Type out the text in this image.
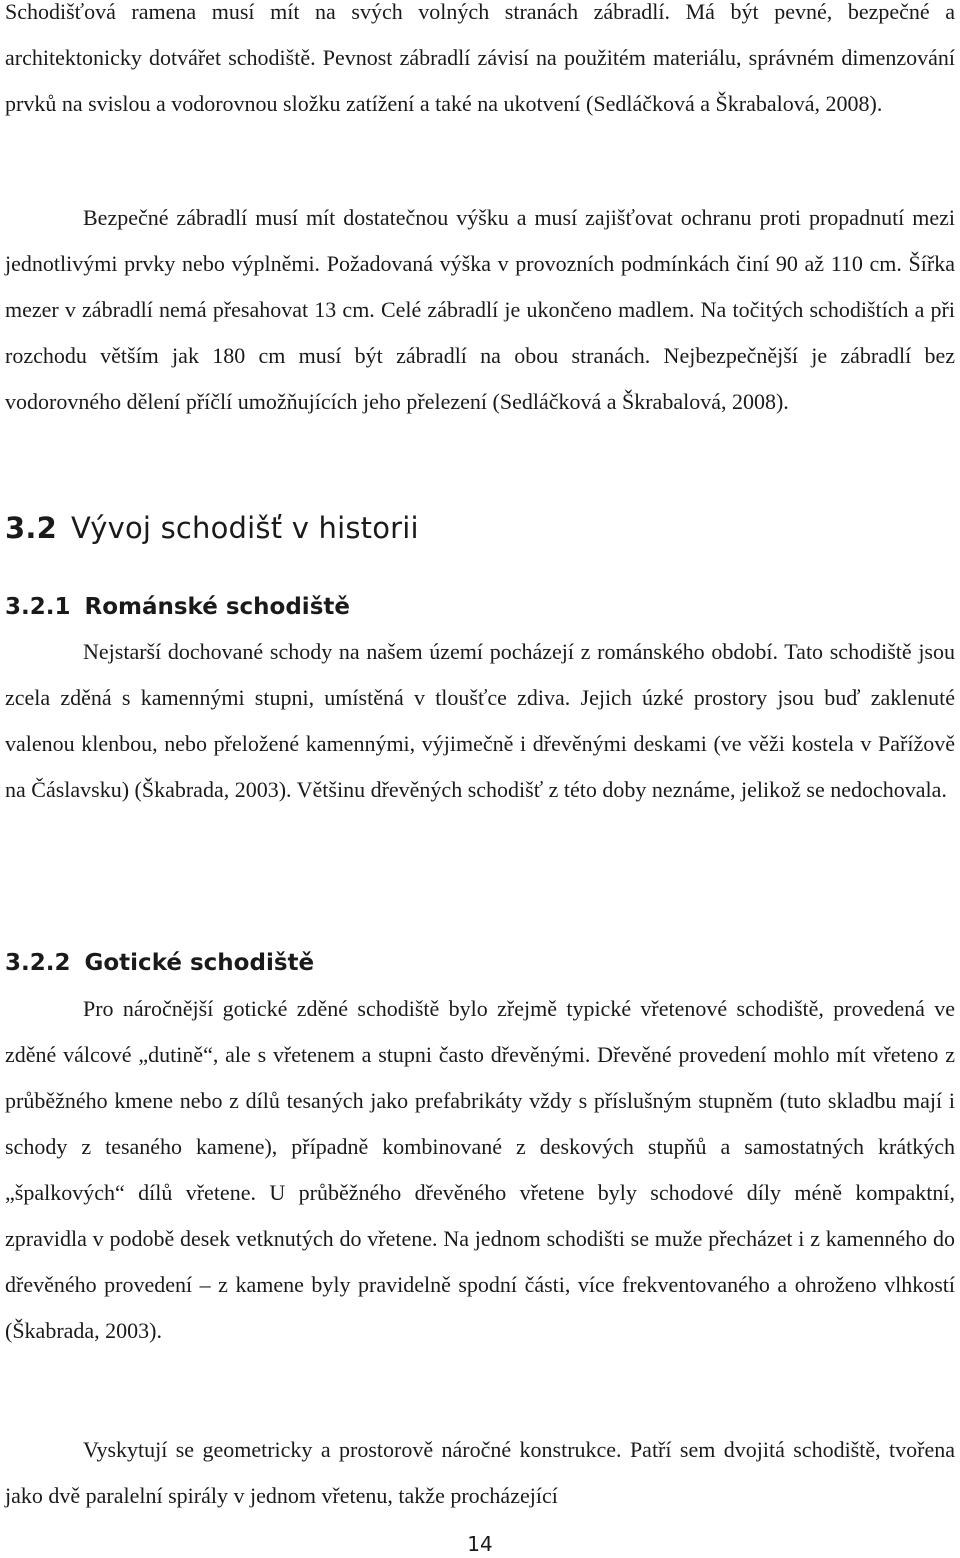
Schodišťová ramena musí mít na svých volných stranách zábradlí. Má být pevné, bezpečné a architektonicky dotvářet schodiště. Pevnost zábradlí závisí na použitém materiálu, správném dimenzování prvků na svislou a vodorovnou složku zatížení a také na ukotvení (Sedláčková a Škrabalová, 2008).

Bezpečné zábradlí musí mít dostatečnou výšku a musí zajišťovat ochranu proti propadnutí mezi jednotlivými prvky nebo výplněmi. Požadovaná výška v provozních podmínkách činí 90 až 110 cm. Šířka mezer v zábradlí nemá přesahovat 13 cm. Celé zábradlí je ukončeno madlem. Na točitých schodištích a při rozchodu větším jak 180 cm musí být zábradlí na obou stranách. Nejbezpečnější je zábradlí bez vodorovného dělení příčlí umožňujících jeho přelezení (Sedláčková a Škrabalová, 2008).

3.2 Vývoj schodišť v historii
3.2.1 Románské schodiště

Nejstarší dochované schody na našem území pocházejí z románského období. Tato schodiště jsou zcela zděná s kamennými stupni, umístěná v tloušťce zdiva. Jejich úzké prostory jsou buď zaklenuté valenou klenbou, nebo přeložené kamennými, výjimečně i dřevěnými deskami (ve věži kostela v Pařížově na Čáslavsku) (Škabrada, 2003). Většinu dřevěných schodišť z této doby neznáme, jelikož se nedochovala.

3.2.2 Gotické schodiště

Pro náročnější gotické zděné schodiště bylo zřejmě typické vřetenové schodiště, provedená ve zděné válcové „dutině“, ale s vřetenem a stupni často dřevěnými. Dřevěné provedení mohlo mít vřeteno z průběžného kmene nebo z dílů tesaných jako prefabrikáty vždy s příslušným stupněm (tuto skladbu mají i schody z tesaného kamene), případně kombinované z deskových stupňů a samostatných krátkých „špalkových“ dílů vřetene. U průběžného dřevěného vřetene byly schodové díly méně kompaktní, zpravidla v podobě desek vetknutých do vřetene. Na jednom schodišti se muže přecházet i z kamenného do dřevěného provedení – z kamene byly pravidelně spodní části, více frekventovaného a ohroženo vlhkostí (Škabrada, 2003).

Vyskytují se geometricky a prostorově náročné konstrukce. Patří sem dvojitá schodiště, tvořena jako dvě paralelní spirály v jednom vřetenu, takže procházející

14
